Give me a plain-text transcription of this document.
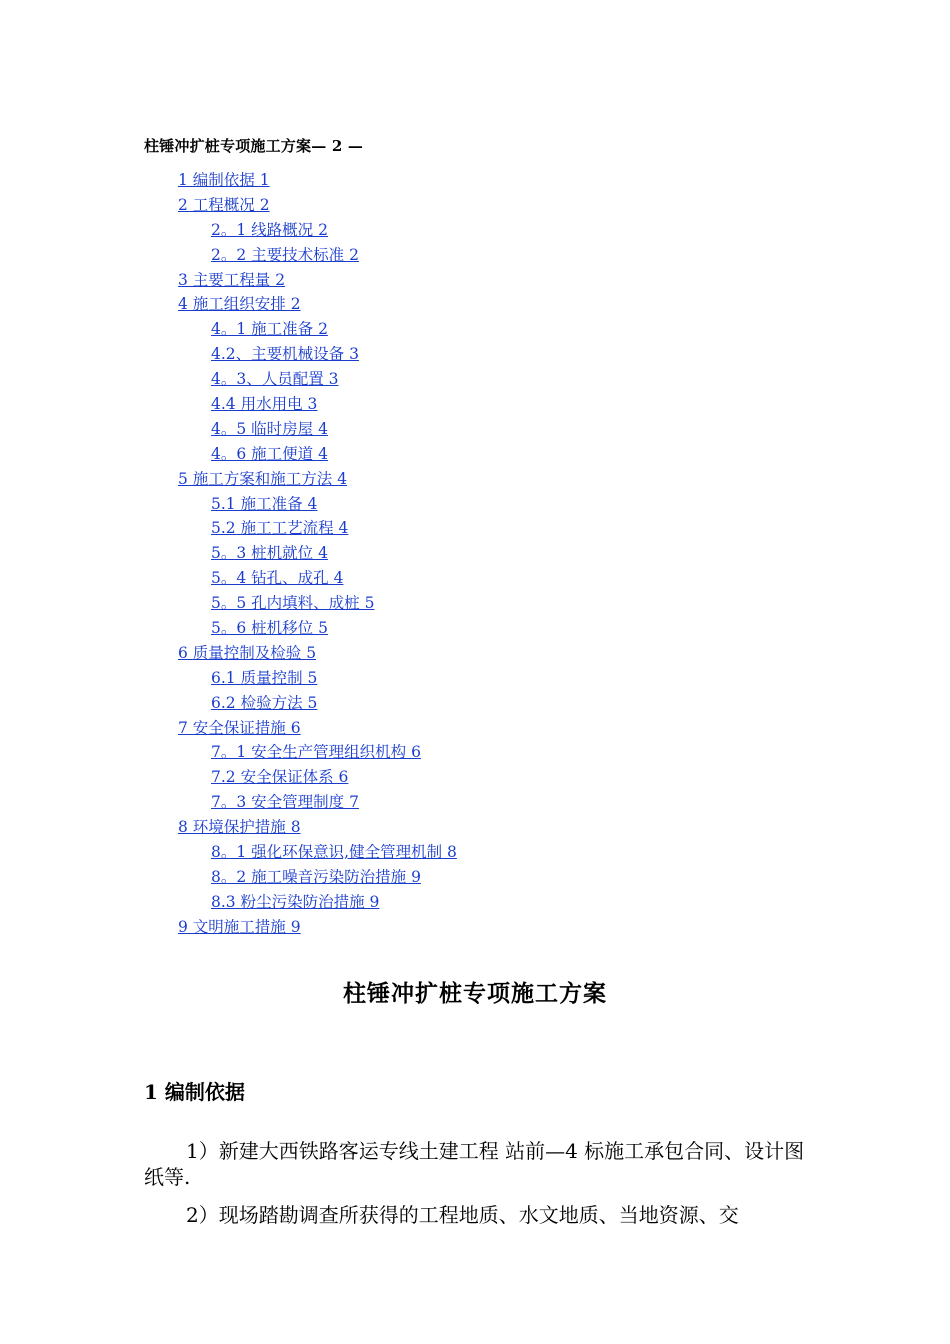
柱锤冲扩桩专项施工方案— 2 —
1 编制依据 1
2 工程概况 2
2。1 线路概况 2
2。2 主要技术标准 2
3 主要工程量 2
4 施工组织安排 2
4。1 施工准备 2
4.2、主要机械设备 3
4。3、人员配置 3
4.4 用水用电 3
4。5 临时房屋 4
4。6 施工便道 4
5 施工方案和施工方法 4
5.1 施工准备 4
5.2 施工工艺流程 4
5。3 桩机就位 4
5。4 钻孔、成孔 4
5。5 孔内填料、成桩 5
5。6 桩机移位 5
6 质量控制及检验 5
6.1 质量控制 5
6.2 检验方法 5
7 安全保证措施 6
7。1 安全生产管理组织机构 6
7.2 安全保证体系 6
7。3 安全管理制度 7
8 环境保护措施 8
8。1 强化环保意识,健全管理机制 8
8。2 施工噪音污染防治措施 9
8.3 粉尘污染防治措施 9
9 文明施工措施 9
柱锤冲扩桩专项施工方案
1 编制依据

1）新建大西铁路客运专线土建工程 站前—4 标施工承包合同、设计图纸等.

2）现场踏勘调查所获得的工程地质、水文地质、当地资源、交
